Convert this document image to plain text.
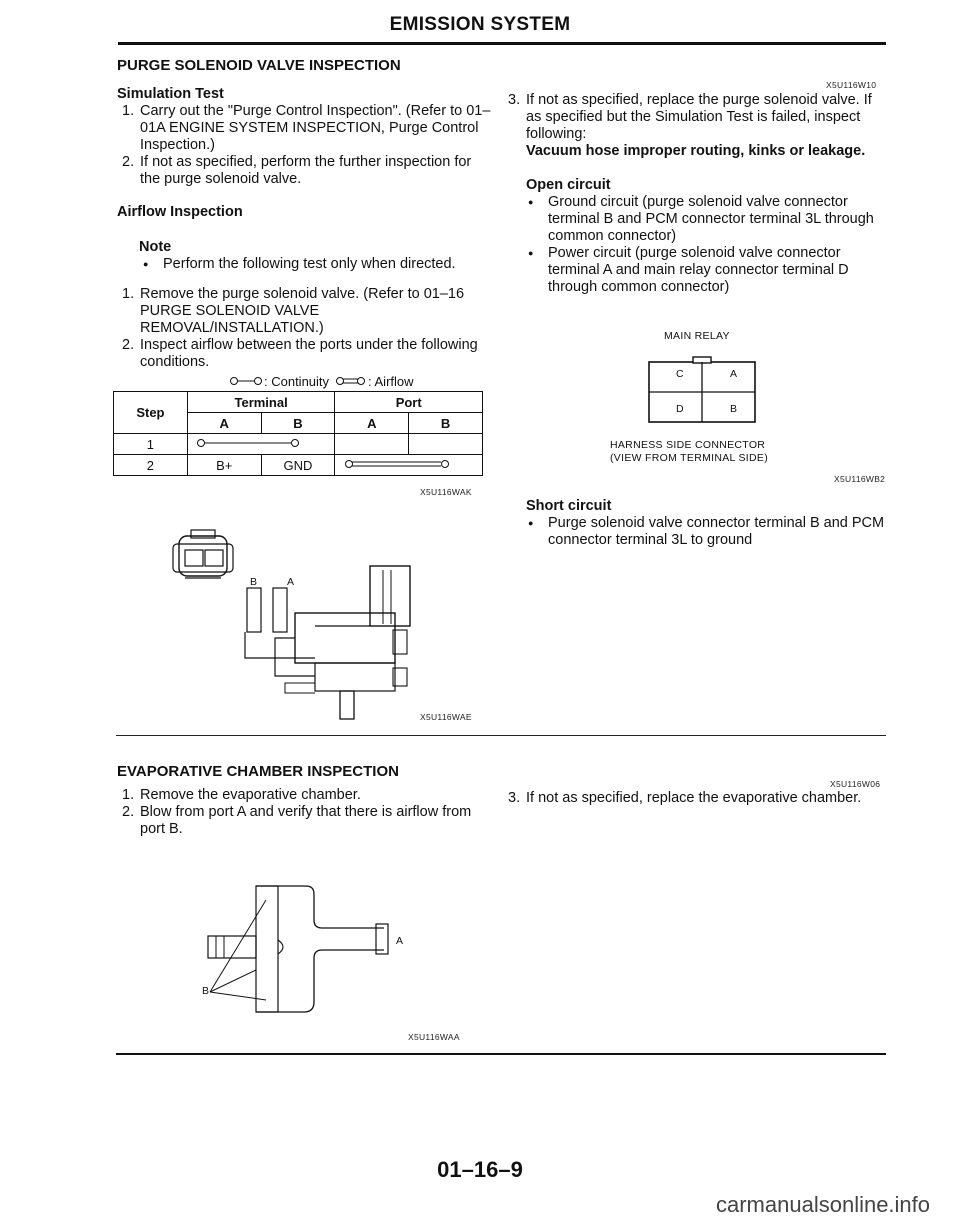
EMISSION SYSTEM
PURGE SOLENOID VALVE INSPECTION
Simulation Test
1. Carry out the "Purge Control Inspection". (Refer to 01–01A ENGINE SYSTEM INSPECTION, Purge Control Inspection.)
2. If not as specified, perform the further inspection for the purge solenoid valve.
Airflow Inspection
Note
● Perform the following test only when directed.
1. Remove the purge solenoid valve. (Refer to 01–16 PURGE SOLENOID VALVE REMOVAL/INSTALLATION.)
2. Inspect airflow between the ports under the following conditions.
: Continuity	: Airflow
Step	Terminal		Port	
	A	B	A	B
1			
2	B+	GND	
X5U116WAK
B	A
X5U116WAE
X5U116W10
3. If not as specified, replace the purge solenoid valve. If as specified but the Simulation Test is failed, inspect following:
Vacuum hose improper routing, kinks or leakage.
Open circuit
● Ground circuit (purge solenoid valve connector terminal B and PCM connector terminal 3L through common connector)
● Power circuit (purge solenoid valve connector terminal A and main relay connector terminal D through common connector)
MAIN RELAY
C	A
D	B
HARNESS SIDE CONNECTOR
(VIEW FROM TERMINAL SIDE)
X5U116WB2
Short circuit
● Purge solenoid valve connector terminal B and PCM connector terminal 3L to ground
EVAPORATIVE CHAMBER INSPECTION
1. Remove the evaporative chamber.
2. Blow from port A and verify that there is airflow from port B.
X5U116W06
3. If not as specified, replace the evaporative chamber.
A
B
X5U116WAA
01–16–9
carmanualsonline.info
